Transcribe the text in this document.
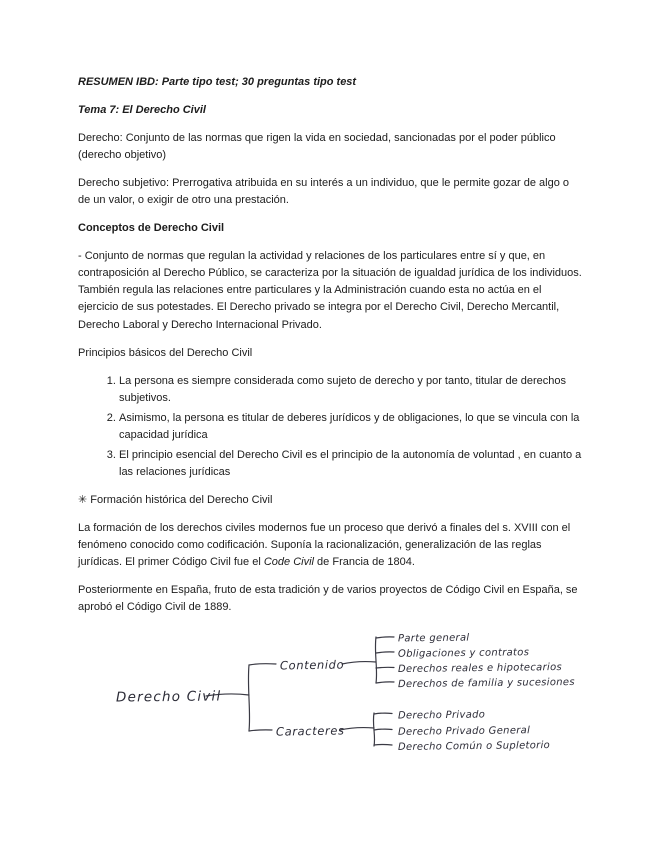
RESUMEN IBD: Parte tipo test; 30 preguntas tipo test

Tema 7: El Derecho Civil

Derecho: Conjunto de las normas que rigen la vida en sociedad, sancionadas por el poder público (derecho objetivo)

Derecho subjetivo: Prerrogativa atribuida en su interés a un individuo, que le permite gozar de algo o de un valor, o exigir de otro una prestación.

Conceptos de Derecho Civil

- Conjunto de normas que regulan la actividad y relaciones de los particulares entre sí y que, en contraposición al Derecho Público, se caracteriza por la situación de igualdad jurídica de los individuos. También regula las relaciones entre particulares y la Administración cuando esta no actúa en el ejercicio de sus potestades. El Derecho privado se integra por el Derecho Civil, Derecho Mercantil, Derecho Laboral y Derecho Internacional Privado.

Principios básicos del Derecho Civil

1. La persona es siempre considerada como sujeto de derecho y por tanto, titular de derechos subjetivos.
2. Asimismo, la persona es titular de deberes jurídicos y de obligaciones, lo que se vincula con la capacidad jurídica
3. El principio esencial del Derecho Civil es el principio de la autonomía de voluntad , en cuanto a las relaciones jurídicas

✳ Formación histórica del Derecho Civil

La formación de los derechos civiles modernos fue un proceso que derivó a finales del s. XVIII con el fenómeno conocido como codificación. Suponía la racionalización, generalización de las reglas jurídicas. El primer Código Civil fue el Code Civil de Francia de 1804.

Posteriormente en España, fruto de esta tradición y de varios proyectos de Código Civil en España, se aprobó el Código Civil de 1889.

Derecho Civil
Contenido
Caracteres
Parte general
Obligaciones y contratos
Derechos reales e hipotecarios
Derechos de familia y sucesiones
Derecho Privado
Derecho Privado General
Derecho Común o Supletorio
